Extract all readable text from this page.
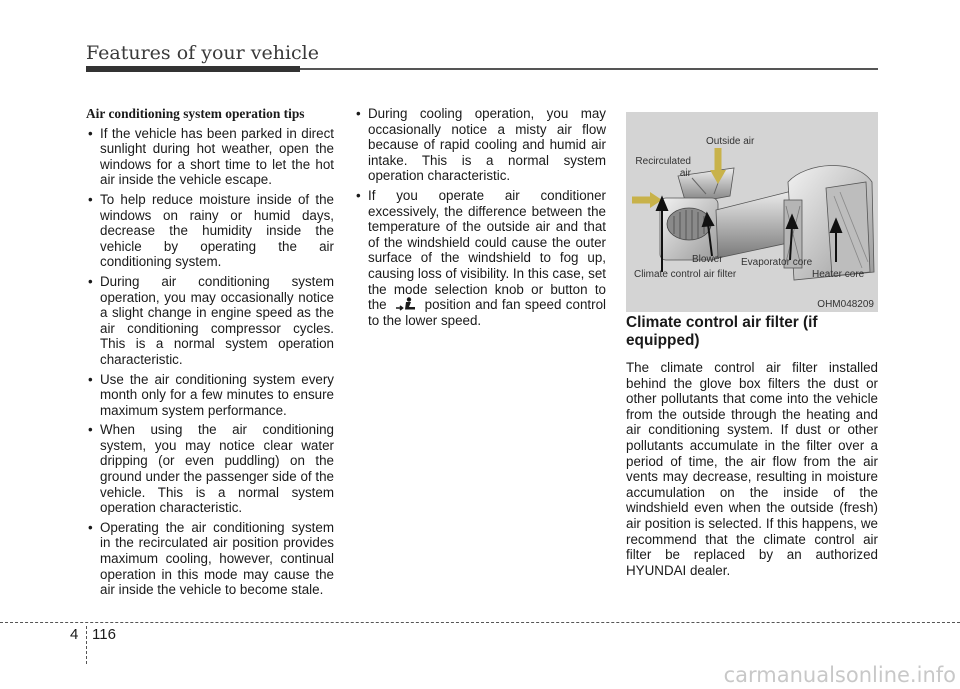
Features of your vehicle

Air conditioning system operation tips

• If the vehicle has been parked in direct sunlight during hot weather, open the windows for a short time to let the hot air inside the vehicle escape.
• To help reduce moisture inside of the windows on rainy or humid days, decrease the humidity inside the vehicle by operating the air conditioning system.
• During air conditioning system operation, you may occasionally notice a slight change in engine speed as the air conditioning compressor cycles. This is a normal system operation characteristic.
• Use the air conditioning system every month only for a few minutes to ensure maximum system performance.
• When using the air conditioning system, you may notice clear water dripping (or even puddling) on the ground under the passenger side of the vehicle. This is a normal system operation characteristic.
• Operating the air conditioning system in the recirculated air position provides maximum cooling, however, continual operation in this mode may cause the air inside the vehicle to become stale.
• During cooling operation, you may occasionally notice a misty air flow because of rapid cooling and humid air intake. This is a normal system operation characteristic.
• If you operate air conditioner excessively, the difference between the temperature of the outside air and that of the windshield could cause the outer surface of the windshield to fog up, causing loss of visibility. In this case, set the mode selection knob or button to the	position and fan speed control to the lower speed.
Outside air
Recirculated air
Blower Evaporator core
Climate control air filter	Heater core
OHM048209

Climate control air filter (if equipped)

The climate control air filter installed behind the glove box filters the dust or other pollutants that come into the vehicle from the outside through the heating and air conditioning system. If dust or other pollutants accumulate in the filter over a period of time, the air flow from the air vents may decrease, resulting in moisture accumulation on the inside of the windshield even when the outside (fresh) air position is selected. If this happens, we recommend that the climate control air filter be replaced by an authorized HYUNDAI dealer.

4 116
carmanualsonline.info
